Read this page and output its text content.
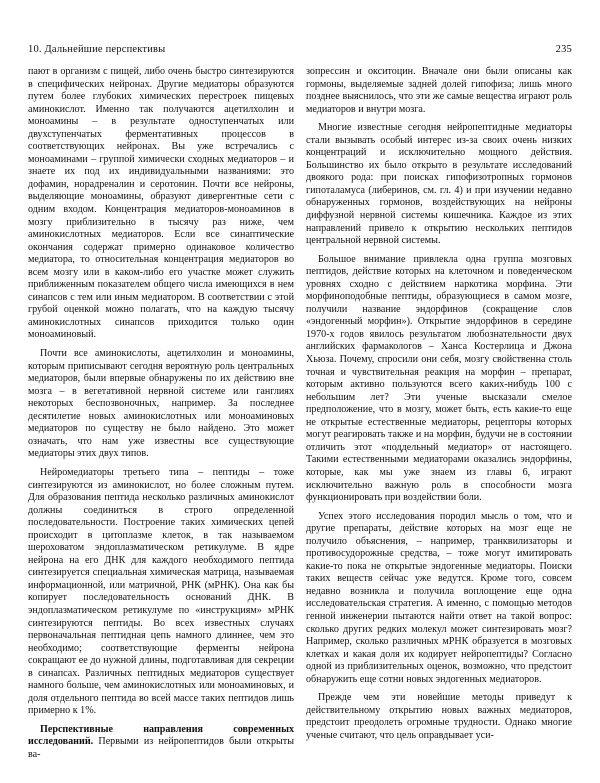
10. Дальнейшие перспективы	235

пают в организм с пищей, либо очень быстро синтезируются в специфических нейронах. Другие медиаторы образуются путем более глубоких химических перестроек пищевых аминокислот. Именно так получаются ацетилхолин и моноамины – в результате одноступенчатых или двухступенчатых ферментативных процессов в соответствующих нейронах. Вы уже встречались с моноаминами – группой химически сходных медиаторов – и знаете их под их индивидуальными названиями: это дофамин, норадреналин и серотонин. Почти все нейроны, выделяющие моноамины, образуют дивергентные сети с одним входом. Концентрация медиаторов-моноаминов в мозгу приблизительно в тысячу раз ниже, чем аминокислотных медиаторов. Если все синаптические окончания содержат примерно одинаковое количество медиатора, то относительная концентрация медиаторов во всем мозгу или в каком-либо его участке может служить приближенным показателем общего числа имеющихся в нем синапсов с тем или иным медиатором. В соответствии с этой грубой оценкой можно полагать, что на каждую тысячу аминокислотных синапсов приходится только один моноаминовый.

Почти все аминокислоты, ацетилхолин и моноамины, которым приписывают сегодня вероятную роль центральных медиаторов, были впервые обнаружены по их действию вне мозга – в вегетативной нервной системе или ганглиях некоторых беспозвоночных, например. За последнее десятилетие новых аминокислотных или моноаминовых медиаторов по существу не было найдено. Это может означать, что нам уже известны все существующие медиаторы этих двух типов.

Нейромедиаторы третьего типа – пептиды – тоже синтезируются из аминокислот, но более сложным путем. Для образования пептида несколько различных аминокислот должны соединиться в строго определенной последовательности. Построение таких химических цепей происходит в цитоплазме клеток, в так называемом шероховатом эндоплазматическом ретикулуме. В ядре нейрона на его ДНК для каждого необходимого пептида синтезируется специальная химическая матрица, называемая информационной, или матричной, РНК (мРНК). Она как бы копирует последовательность оснований ДНК. В эндоплазматическом ретикулуме по «инструкциям» мРНК синтезируются пептиды. Во всех известных случаях первоначальная пептидная цепь намного длиннее, чем это необходимо; соответствующие ферменты нейрона сокращают ее до нужной длины, подготавливая для секреции в синапсах. Различных пептидных медиаторов существует намного больше, чем аминокислотных или моноаминовых, и доля отдельного пептида во всей массе таких пептидов лишь примерно к 1%.

Перспективные направления современных исследований. Первыми из нейропептидов были открыты ва-

зопрессин и окситоцин. Вначале они были описаны как гормоны, выделяемые задней долей гипофиза; лишь много позднее выяснилось, что эти же самые вещества играют роль медиаторов и внутри мозга.

Многие известные сегодня нейропептидные медиаторы стали вызывать особый интерес из-за своих очень низких концентраций и исключительно мощного действия. Большинство их было открыто в результате исследований двоякого рода: при поисках гипофизотропных гормонов гипоталамуса (либеринов, см. гл. 4) и при изучении недавно обнаруженных гормонов, воздействующих на нейроны диффузной нервной системы кишечника. Каждое из этих направлений привело к открытию нескольких пептидов центральной нервной системы.

Большое внимание привлекла одна группа мозговых пептидов, действие которых на клеточном и поведенческом уровнях сходно с действием наркотика морфина. Эти морфиноподобные пептиды, образующиеся в самом мозге, получили название эндорфинов (сокращение слов «эндогенный морфин»). Открытие эндорфинов в середине 1970-х годов явилось результатом любознательности двух английских фармакологов – Ханса Костерлица и Джона Хьюза. Почему, спросили они себя, мозгу свойственна столь точная и чувствительная реакция на морфин – препарат, которым активно пользуются всего каких-нибудь 100 с небольшим лет? Эти ученые высказали смелое предположение, что в мозгу, может быть, есть какие-то еще не открытые естественные медиаторы, рецепторы которых могут реагировать также и на морфин, будучи не в состоянии отличить этот «поддельный медиатор» от настоящего. Такими естественными медиаторами оказались эндорфины, которые, как мы уже знаем из главы 6, играют исключительно важную роль в способности мозга функционировать при воздействии боли.

Успех этого исследования породил мысль о том, что и другие препараты, действие которых на мозг еще не получило объяснения, – например, транквилизаторы и противосудорожные средства, – тоже могут имитировать какие-то пока не открытые эндогенные медиаторы. Поиски таких веществ сейчас уже ведутся. Кроме того, совсем недавно возникла и получила воплощение еще одна исследовательская стратегия. А именно, с помощью методов генной инженерии пытаются найти ответ на такой вопрос: сколько других редких молекул может синтезировать мозг? Например, сколько различных мРНК образуется в мозговых клетках и какая доля их кодирует нейропептиды? Согласно одной из приблизительных оценок, возможно, что предстоит обнаружить еще сотни новых эндогенных медиаторов.

Прежде чем эти новейшие методы приведут к действительному открытию новых важных медиаторов, предстоит преодолеть огромные трудности. Однако многие ученые считают, что цель оправдывает уси-
